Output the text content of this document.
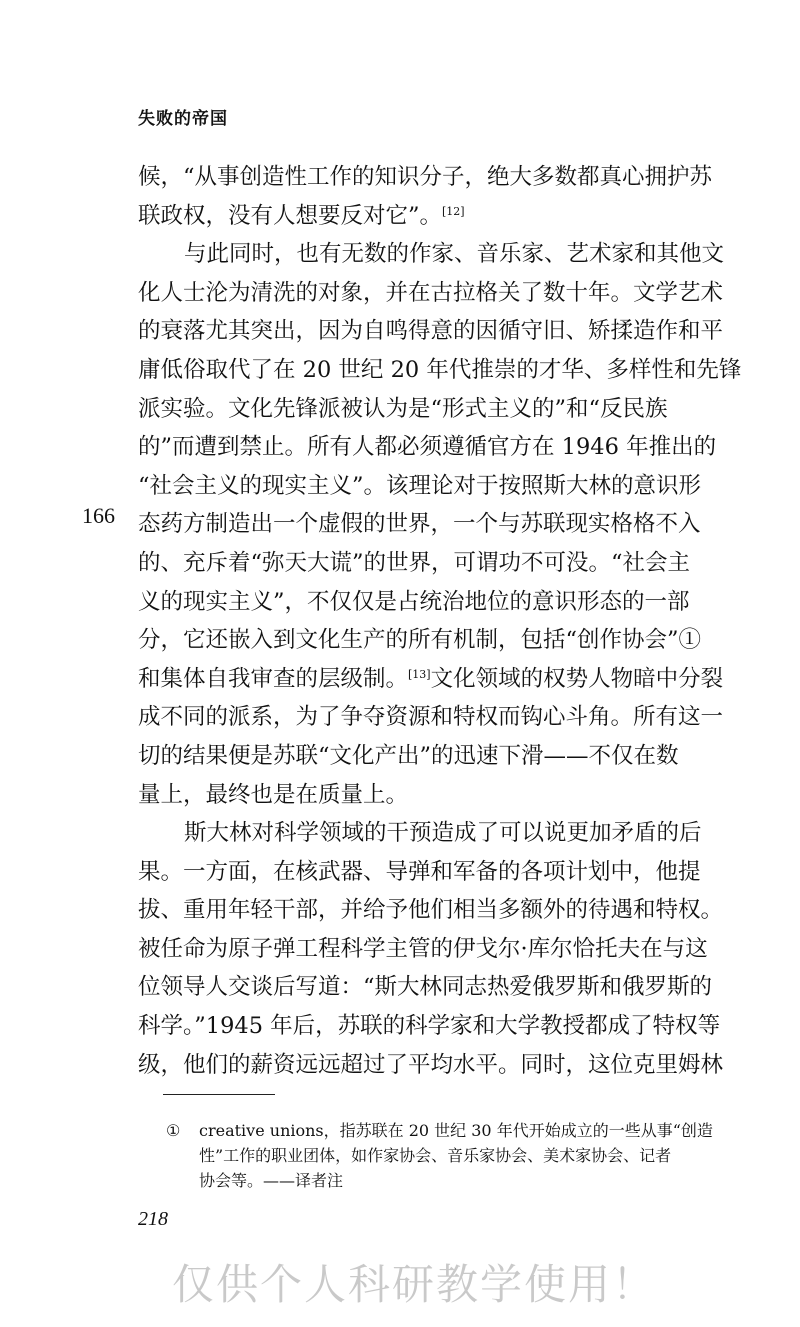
失败的帝国
166
候，“从事创造性工作的知识分子，绝大多数都真心拥护苏
联政权，没有人想要反对它”。[12]
与此同时，也有无数的作家、音乐家、艺术家和其他文
化人士沦为清洗的对象，并在古拉格关了数十年。文学艺术
的衰落尤其突出，因为自鸣得意的因循守旧、矫揉造作和平
庸低俗取代了在 20 世纪 20 年代推崇的才华、多样性和先锋
派实验。文化先锋派被认为是“形式主义的”和“反民族
的”而遭到禁止。所有人都必须遵循官方在 1946 年推出的
“社会主义的现实主义”。该理论对于按照斯大林的意识形
态药方制造出一个虚假的世界，一个与苏联现实格格不入
的、充斥着“弥天大谎”的世界，可谓功不可没。“社会主
义的现实主义”，不仅仅是占统治地位的意识形态的一部
分，它还嵌入到文化生产的所有机制，包括“创作协会”①
和集体自我审查的层级制。[13]文化领域的权势人物暗中分裂
成不同的派系，为了争夺资源和特权而钩心斗角。所有这一
切的结果便是苏联“文化产出”的迅速下滑——不仅在数
量上，最终也是在质量上。
斯大林对科学领域的干预造成了可以说更加矛盾的后
果。一方面，在核武器、导弹和军备的各项计划中，他提
拔、重用年轻干部，并给予他们相当多额外的待遇和特权。
被任命为原子弹工程科学主管的伊戈尔·库尔恰托夫在与这
位领导人交谈后写道：“斯大林同志热爱俄罗斯和俄罗斯的
科学。”1945 年后，苏联的科学家和大学教授都成了特权等
级，他们的薪资远远超过了平均水平。同时，这位克里姆林
① creative unions，指苏联在 20 世纪 30 年代开始成立的一些从事“创造
性”工作的职业团体，如作家协会、音乐家协会、美术家协会、记者
协会等。——译者注
218
仅供个人科研教学使用！
